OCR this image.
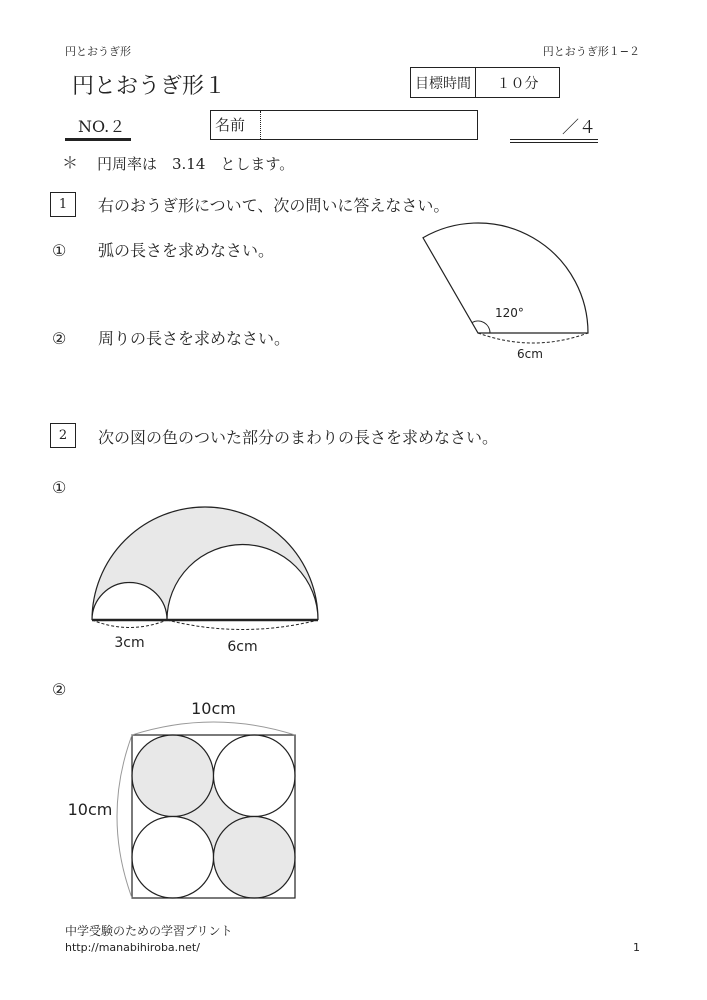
円とおうぎ形	円とおうぎ形１−２
円とおうぎ形１	目標時間	１０分
NO.２	名前	／４
＊ 円周率は　3.14　とします。
1	右のおうぎ形について、次の問いに答えなさい。
① 弧の長さを求めなさい。
② 周りの長さを求めなさい。
120°
6cm
2	次の図の色のついた部分のまわりの長さを求めなさい。
①
3cm	6cm
②
10cm
10cm
中学受験のための学習プリント
http://manabihiroba.net/	1
